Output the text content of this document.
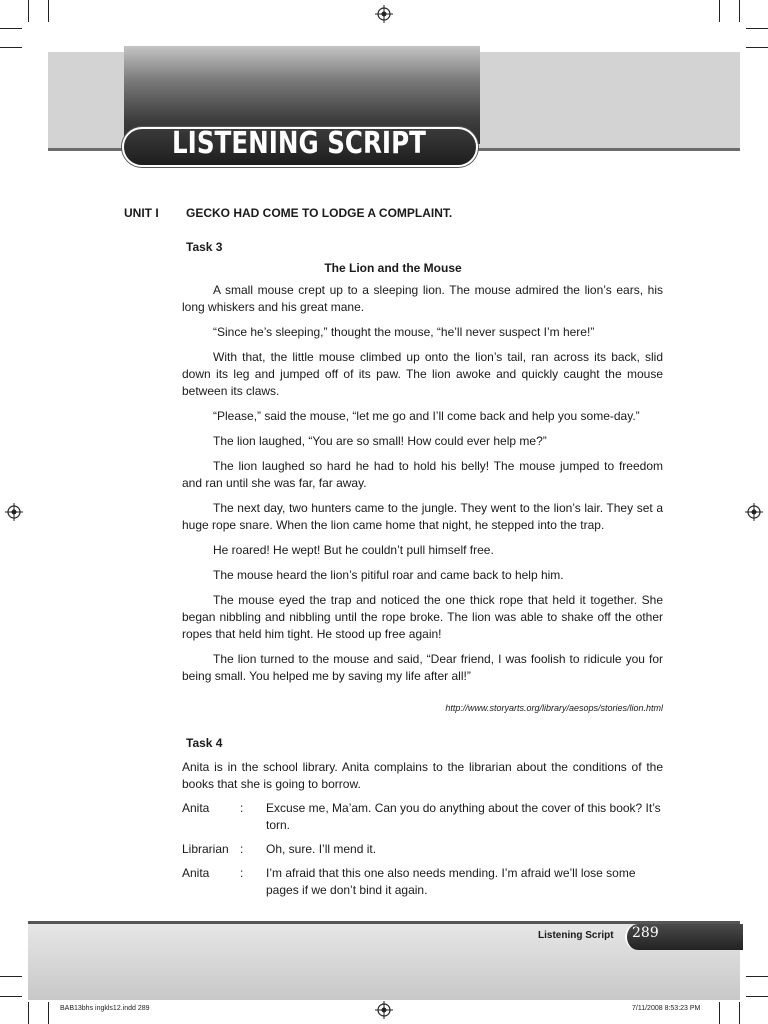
LISTENING SCRIPT
UNIT I GECKO HAD COME TO LODGE A COMPLAINT.
Task 3
The Lion and the Mouse

A small mouse crept up to a sleeping lion. The mouse admired the lion’s ears, his long whiskers and his great mane.

“Since he’s sleeping,” thought the mouse, “he’ll never suspect I’m here!”

With that, the little mouse climbed up onto the lion’s tail, ran across its back, slid down its leg and jumped off of its paw. The lion awoke and quickly caught the mouse between its claws.

“Please,” said the mouse, “let me go and I’ll come back and help you some-day.”

The lion laughed, “You are so small! How could ever help me?”

The lion laughed so hard he had to hold his belly! The mouse jumped to freedom and ran until she was far, far away.

The next day, two hunters came to the jungle. They went to the lion’s lair. They set a huge rope snare. When the lion came home that night, he stepped into the trap.

He roared! He wept! But he couldn’t pull himself free.

The mouse heard the lion’s pitiful roar and came back to help him.

The mouse eyed the trap and noticed the one thick rope that held it together. She began nibbling and nibbling until the rope broke. The lion was able to shake off the other ropes that held him tight. He stood up free again!

The lion turned to the mouse and said, “Dear friend, I was foolish to ridicule you for being small. You helped me by saving my life after all!”

http://www.storyarts.org/library/aesops/stories/lion.html
Task 4
Anita is in the school library. Anita complains to the librarian about the conditions of the books that she is going to borrow.
Anita	:	Excuse me, Ma’am. Can you do anything about the cover of this book? It’s torn.
Librarian :	Oh, sure. I’ll mend it.
Anita	:	I’m afraid that this one also needs mending. I’m afraid we’ll lose some pages if we don’t bind it again.
Listening Script 289
BAB13bhs ingkls12.indd 289	7/11/2008 8:53:23 PM
